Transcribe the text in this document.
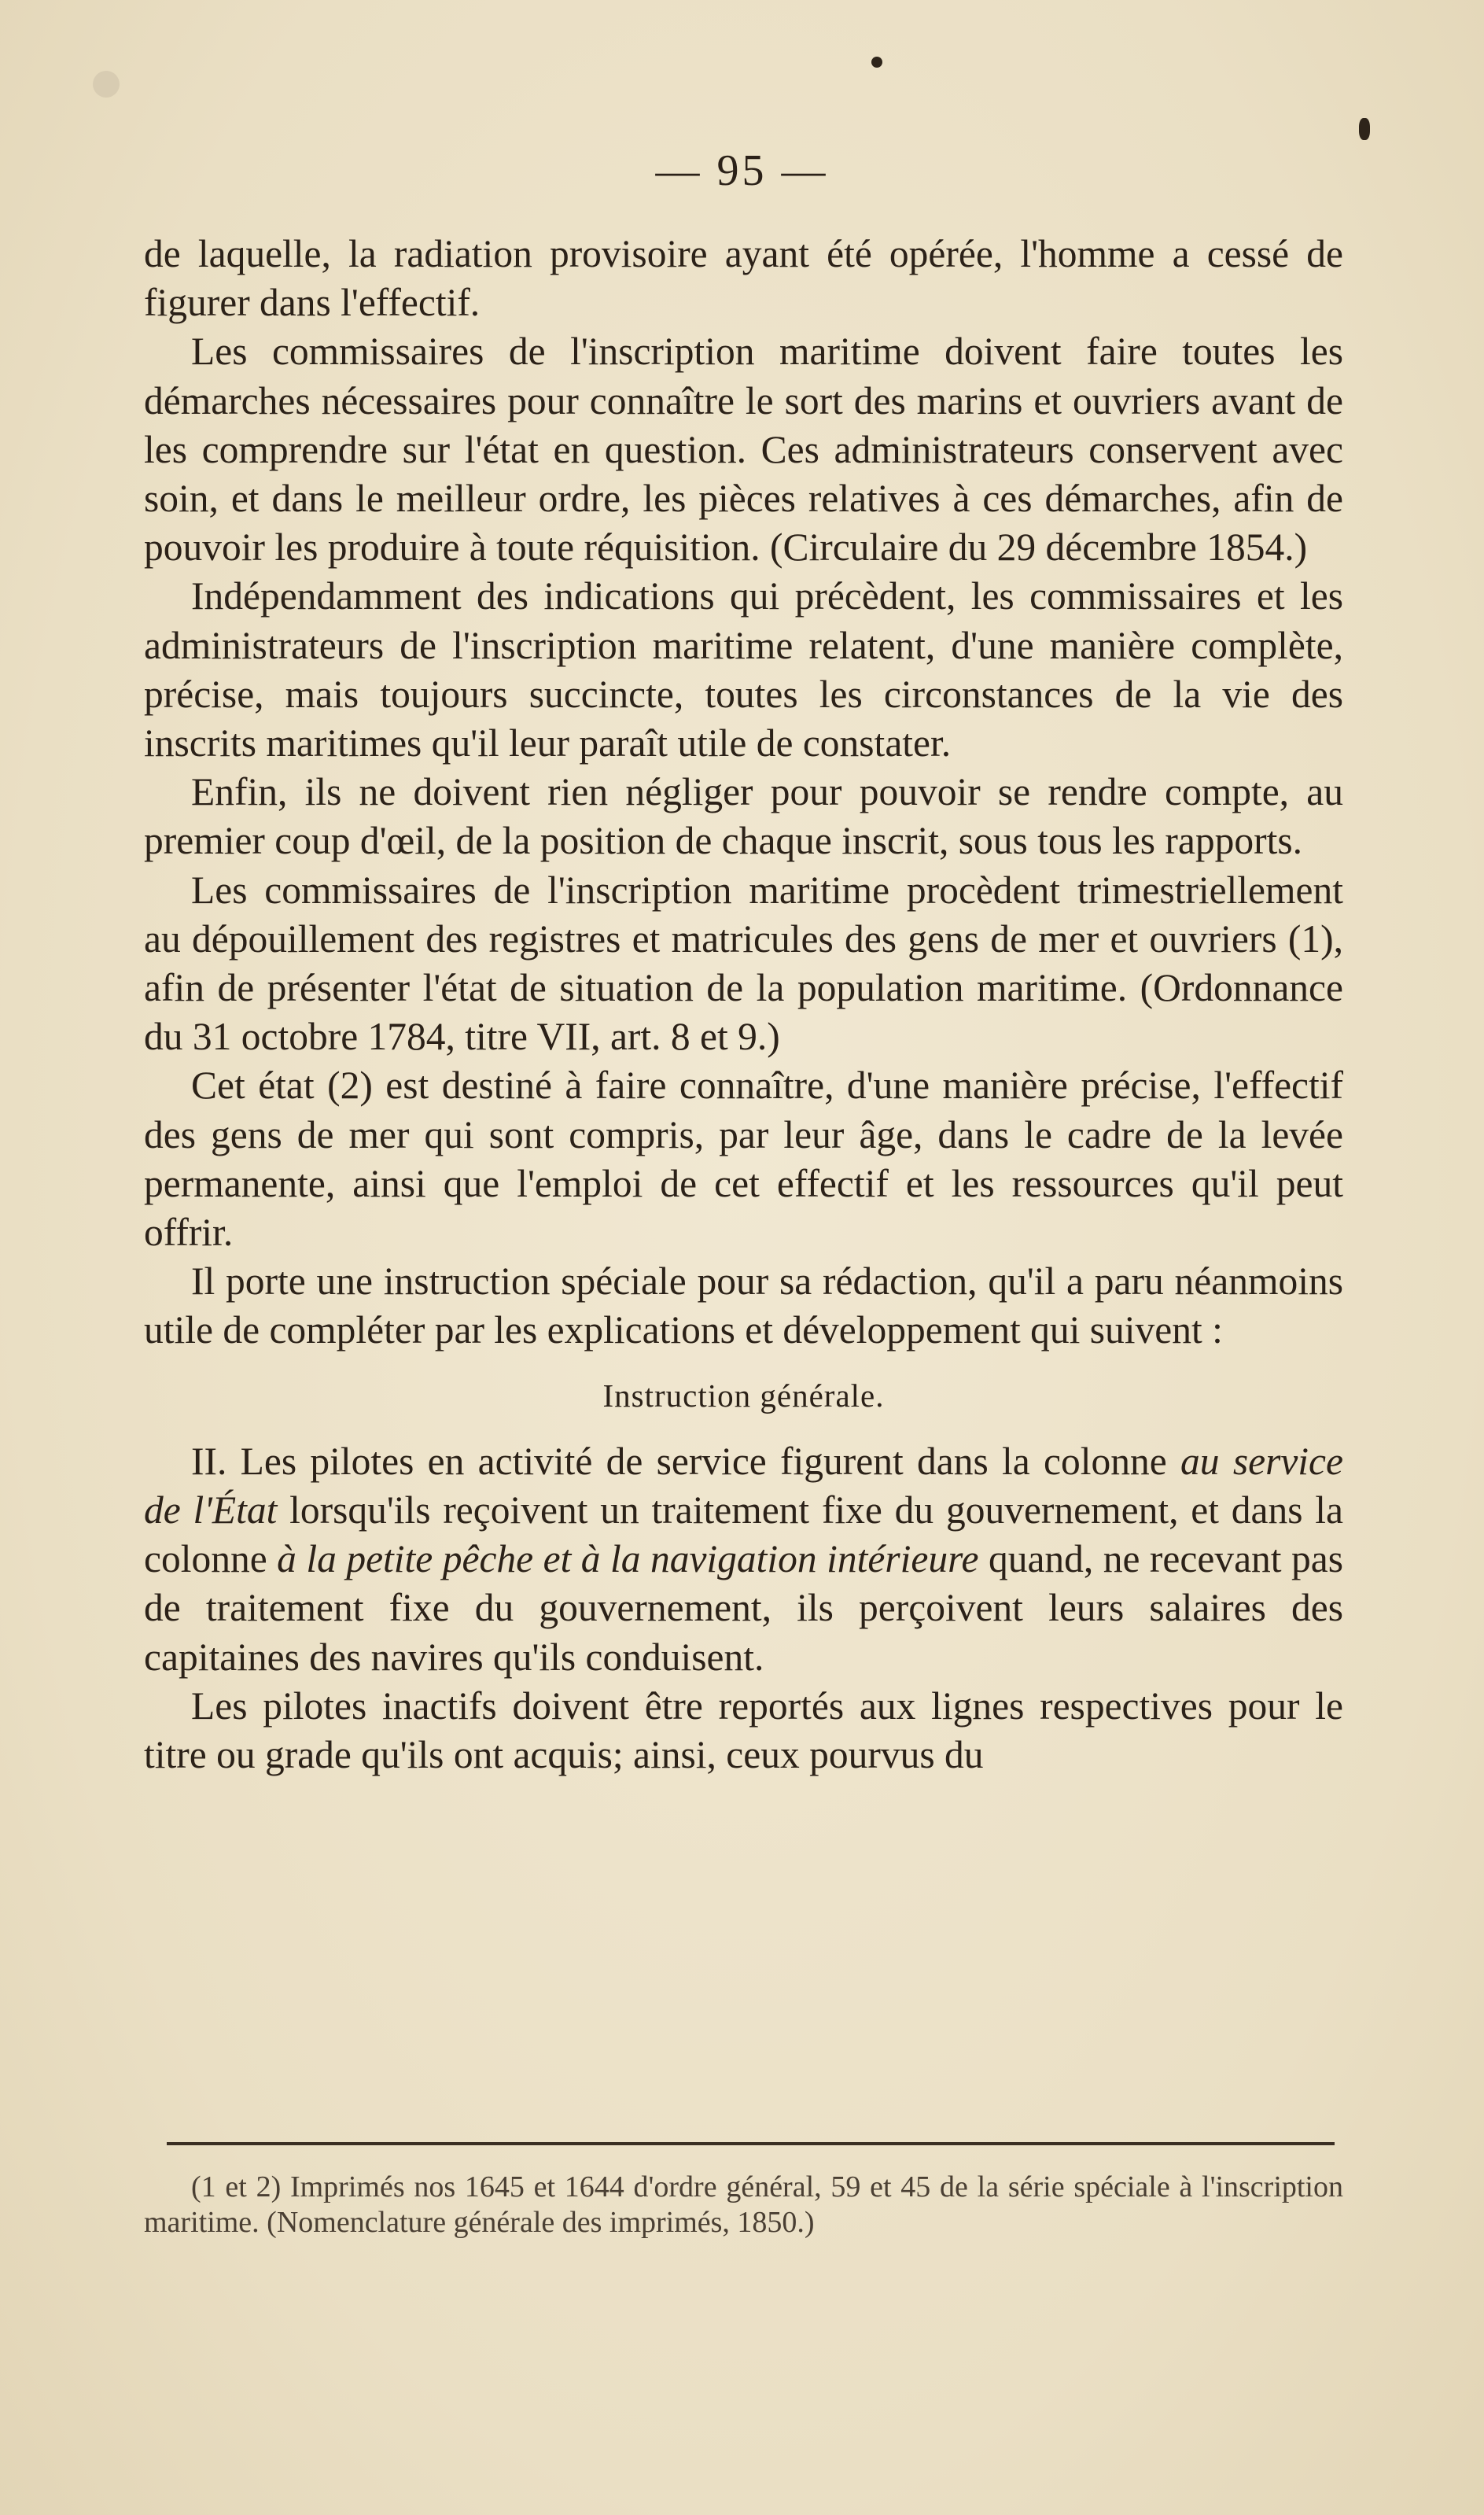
— 95 —

de laquelle, la radiation provisoire ayant été opérée, l'homme a cessé de figurer dans l'effectif.

Les commissaires de l'inscription maritime doivent faire toutes les démarches nécessaires pour connaître le sort des marins et ouvriers avant de les comprendre sur l'état en question. Ces administrateurs conservent avec soin, et dans le meilleur ordre, les pièces relatives à ces démarches, afin de pouvoir les produire à toute réquisition. (Circulaire du 29 décembre 1854.)

Indépendamment des indications qui précèdent, les commissaires et les administrateurs de l'inscription maritime relatent, d'une manière complète, précise, mais toujours succincte, toutes les circonstances de la vie des inscrits maritimes qu'il leur paraît utile de constater.

Enfin, ils ne doivent rien négliger pour pouvoir se rendre compte, au premier coup d'œil, de la position de chaque inscrit, sous tous les rapports.

Les commissaires de l'inscription maritime procèdent trimestriellement au dépouillement des registres et matricules des gens de mer et ouvriers (1), afin de présenter l'état de situation de la population maritime. (Ordonnance du 31 octobre 1784, titre VII, art. 8 et 9.)

Cet état (2) est destiné à faire connaître, d'une manière précise, l'effectif des gens de mer qui sont compris, par leur âge, dans le cadre de la levée permanente, ainsi que l'emploi de cet effectif et les ressources qu'il peut offrir.

Il porte une instruction spéciale pour sa rédaction, qu'il a paru néanmoins utile de compléter par les explications et développement qui suivent :

Instruction générale.

II. Les pilotes en activité de service figurent dans la colonne au service de l'État lorsqu'ils reçoivent un traitement fixe du gouvernement, et dans la colonne à la petite pêche et à la navigation intérieure quand, ne recevant pas de traitement fixe du gouvernement, ils perçoivent leurs salaires des capitaines des navires qu'ils conduisent.

Les pilotes inactifs doivent être reportés aux lignes respectives pour le titre ou grade qu'ils ont acquis; ainsi, ceux pourvus du

(1 et 2) Imprimés nos 1645 et 1644 d'ordre général, 59 et 45 de la série spéciale à l'inscription maritime. (Nomenclature générale des imprimés, 1850.)
